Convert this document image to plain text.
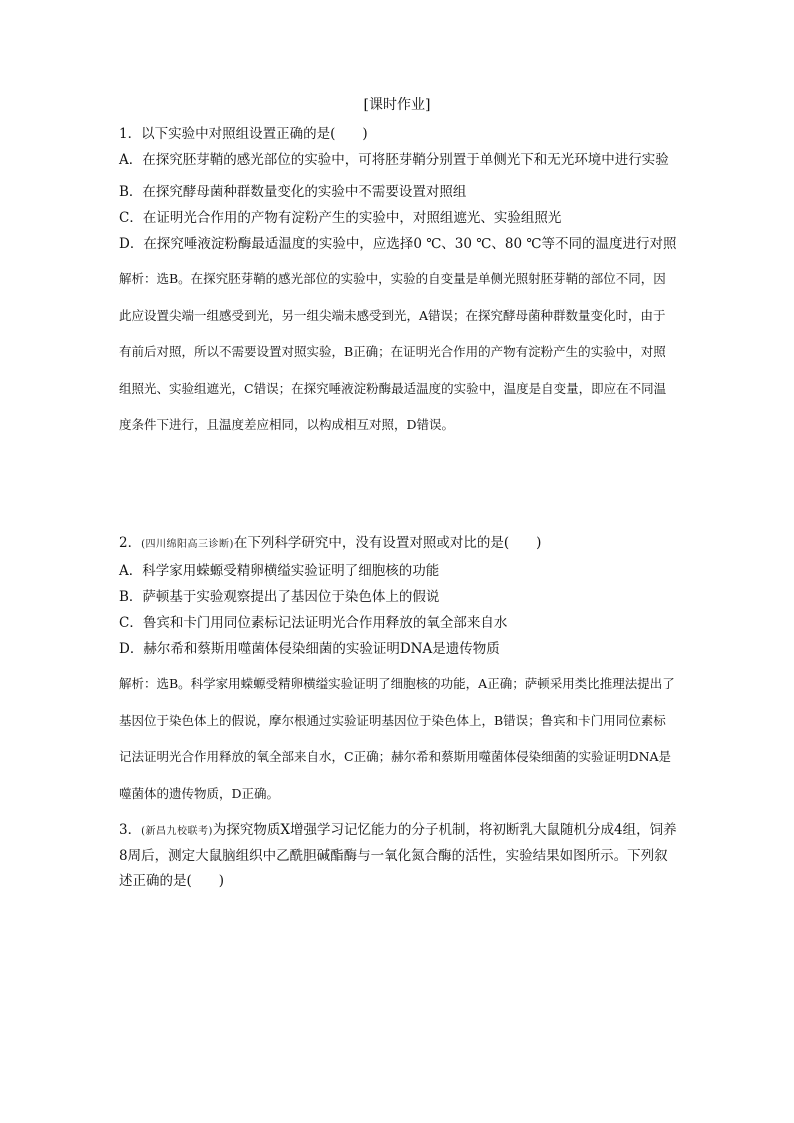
[课时作业]

1．以下实验中对照组设置正确的是(　　)

A．在探究胚芽鞘的感光部位的实验中，可将胚芽鞘分别置于单侧光下和无光环境中进行实验

B．在探究酵母菌种群数量变化的实验中不需要设置对照组

C．在证明光合作用的产物有淀粉产生的实验中，对照组遮光、实验组照光

D．在探究唾液淀粉酶最适温度的实验中，应选择0 ℃、30 ℃、80 ℃等不同的温度进行对照

解析：选B。在探究胚芽鞘的感光部位的实验中，实验的自变量是单侧光照射胚芽鞘的部位不同，因此应设置尖端一组感受到光，另一组尖端未感受到光，A错误；在探究酵母菌种群数量变化时，由于有前后对照，所以不需要设置对照实验，B正确；在证明光合作用的产物有淀粉产生的实验中，对照组照光、实验组遮光，C错误；在探究唾液淀粉酶最适温度的实验中，温度是自变量，即应在不同温度条件下进行，且温度差应相同，以构成相互对照，D错误。

2．(四川绵阳高三诊断)在下列科学研究中，没有设置对照或对比的是(　　)

A．科学家用蝾螈受精卵横缢实验证明了细胞核的功能

B．萨顿基于实验观察提出了基因位于染色体上的假说

C．鲁宾和卡门用同位素标记法证明光合作用释放的氧全部来自水

D．赫尔希和蔡斯用噬菌体侵染细菌的实验证明DNA是遗传物质

解析：选B。科学家用蝾螈受精卵横缢实验证明了细胞核的功能，A正确；萨顿采用类比推理法提出了基因位于染色体上的假说，摩尔根通过实验证明基因位于染色体上，B错误；鲁宾和卡门用同位素标记法证明光合作用释放的氧全部来自水，C正确；赫尔希和蔡斯用噬菌体侵染细菌的实验证明DNA是噬菌体的遗传物质，D正确。

3．(新昌九校联考)为探究物质X增强学习记忆能力的分子机制，将初断乳大鼠随机分成4组，饲养8周后，测定大鼠脑组织中乙酰胆碱酯酶与一氧化氮合酶的活性，实验结果如图所示。下列叙述正确的是(　　)
